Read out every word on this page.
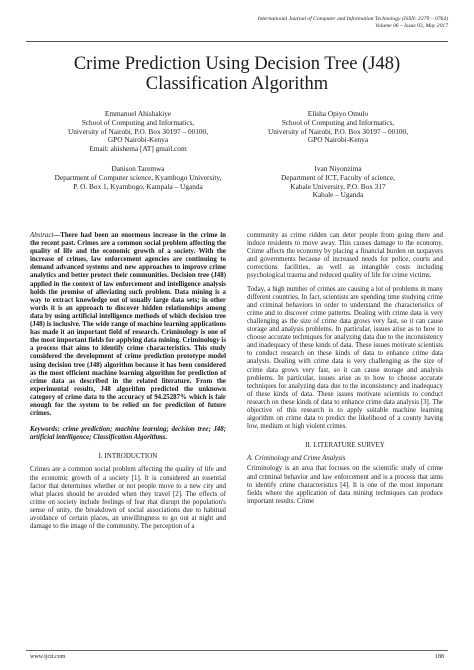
International Journal of Computer and Information Technology (ISSN: 2279 – 0764)
Volume 06 – Issue 03, May 2017
Crime Prediction Using Decision Tree (J48)
Classification Algorithm
Emmanuel Ahishakiye
School of Computing and Informatics,
University of Nairobi, P.O. Box 30197 – 00100,
GPO Nairobi-Kenya
Email: ahishema [AT] gmail.com
Elisha Opiyo Omulo
School of Computing and Informatics,
University of Nairobi, P.O. Box 30197 – 00100,
GPO Nairobi-Kenya
Danison Taremwa
Department of Computer science, Kyambogo University,
P. O. Box 1, Kyambogo, Kampala – Uganda
Ivan Niyonzima
Department of ICT, Faculty of science,
Kabale University, P.O. Box 317
Kabale – Uganda

Abstract—There had been an enormous increase in the crime in the recent past. Crimes are a common social problem affecting the quality of life and the economic growth of a society. With the increase of crimes, law enforcement agencies are continuing to demand advanced systems and new approaches to improve crime analytics and better protect their communities. Decision tree (J48) applied in the context of law enforcement and intelligence analysis holds the promise of alleviating such problem. Data mining is a way to extract knowledge out of usually large data sets; in other words it is an approach to discover hidden relationships among data by using artificial intelligence methods of which decision tree (J48) is inclusive. The wide range of machine learning applications has made it an important field of research. Criminology is one of the most important fields for applying data mining. Criminology is a process that aims to identify crime characteristics. This study considered the development of crime prediction prototype model using decision tree (J48) algorithm because it has been considered as the most efficient machine learning algorithm for prediction of crime data as described in the related literature. From the experimental results, J48 algorithm predicted the unknown category of crime data to the accuracy of 94.25287% which is fair enough for the system to be relied on for prediction of future crimes.

Keywords: crime prediction; machine learning; decision tree; J48; artificial intelligence; Classification Algorithms.

I. INTRODUCTION

Crimes are a common social problem affecting the quality of life and the economic growth of a society [1]. It is considered an essential factor that determines whether or not people move to a new city and what places should be avoided when they travel [2]. The effects of crime on society include feelings of fear that disrupt the population's sense of unity, the breakdown of social associations due to habitual avoidance of certain places, an unwillingness to go out at night and damage to the image of the community. The perception of a

community as crime ridden can deter people from going there and induce residents to move away. This causes damage to the economy. Crime affects the economy by placing a financial burden on taxpayers and governments because of increased needs for police, courts and corrections facilities, as well as intangible costs including psychological trauma and reduced quality of life for crime victims.

Today, a high number of crimes are causing a lot of problems in many different countries. In fact, scientists are spending time studying crime and criminal behaviors in order to understand the characteristics of crime and to discover crime patterns. Dealing with crime data is very challenging as the size of crime data grows very fast, so it can cause storage and analysis problems. In particular, issues arise as to how to choose accurate techniques for analyzing data due to the inconsistency and inadequacy of these kinds of data. These issues motivate scientists to conduct research on these kinds of data to enhance crime data analysis. Dealing with crime data is very challenging as the size of crime data grows very fast, so it can cause storage and analysis problems. In particular, issues arise as to how to choose accurate techniques for analyzing data due to the inconsistency and inadequacy of these kinds of data. These issues motivate scientists to conduct research on these kinds of data to enhance crime data analysis [3]. The objective of this research is to apply suitable machine learning algorithm on crime data to predict the likelihood of a county having low, medium or high violent crimes.

II. LITERATURE SURVEY
A. Criminology and Crime Analysis

Criminology is an area that focuses on the scientific study of crime and criminal behavior and law enforcement and is a process that aims to identify crime characteristics [4]. It is one of the most important fields where the application of data mining techniques can produce important results. Crime

www.ijcit.com	188
